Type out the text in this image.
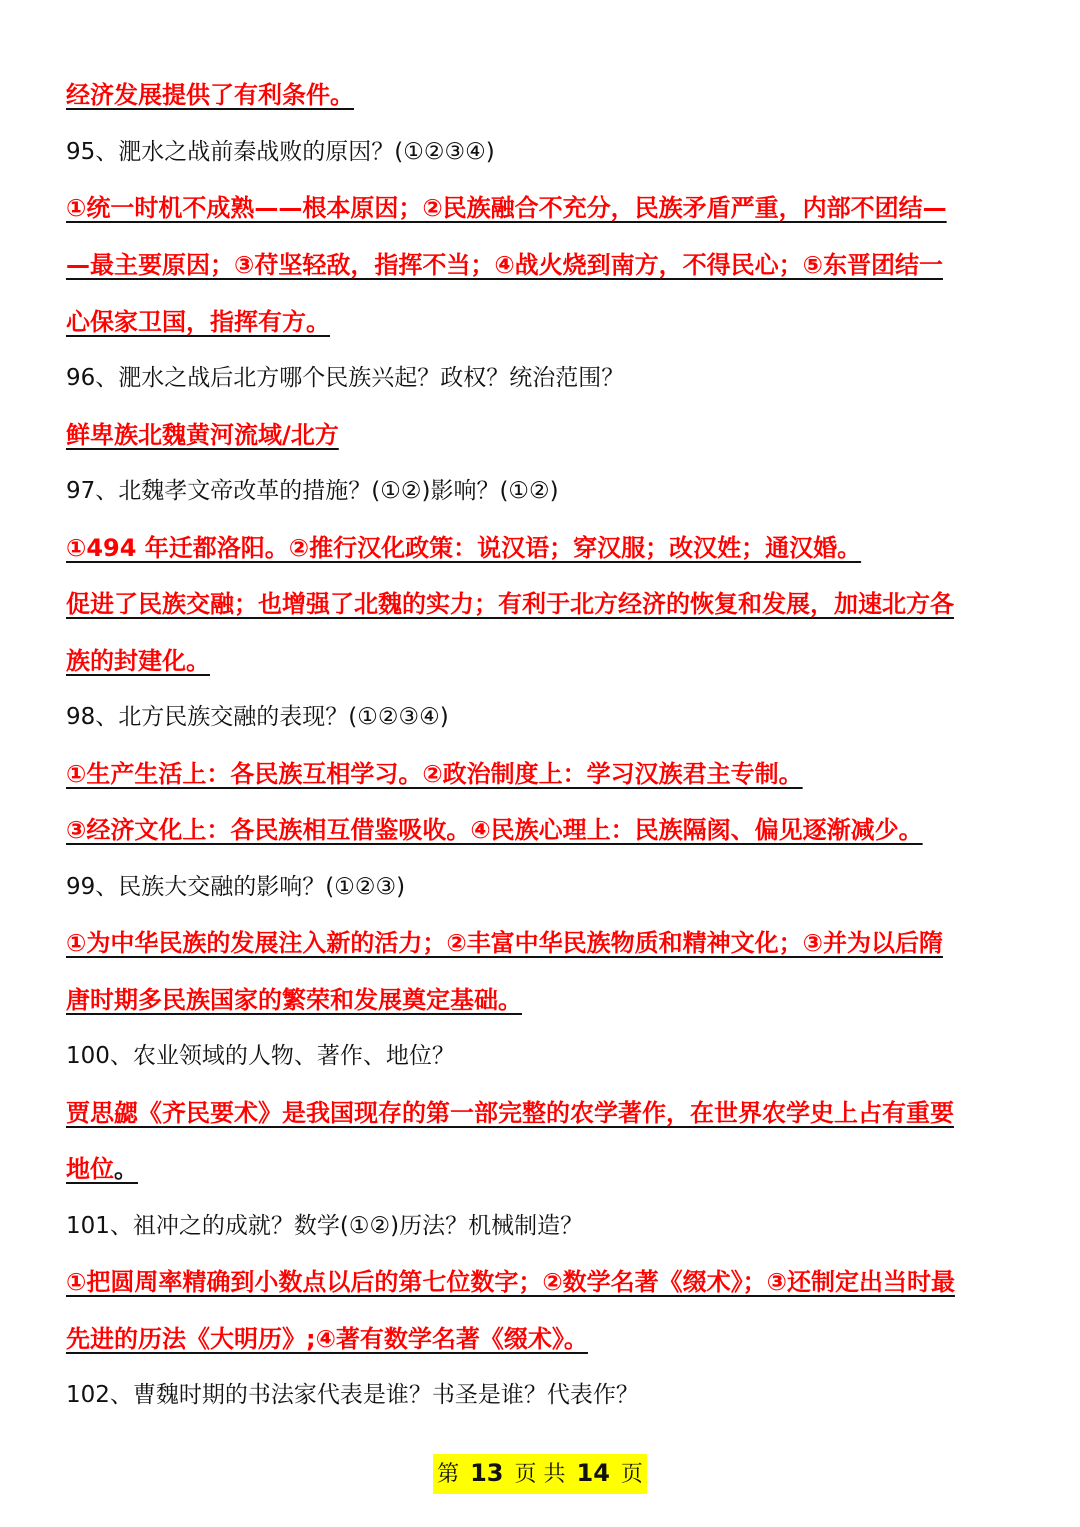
经济发展提供了有利条件。
95、淝水之战前秦战败的原因？(①②③④)
①统一时机不成熟——根本原因；②民族融合不充分，民族矛盾严重，内部不团结—
—最主要原因；③苻坚轻敌，指挥不当；④战火烧到南方，不得民心；⑤东晋团结一
心保家卫国，指挥有方。
96、淝水之战后北方哪个民族兴起？政权？统治范围？
鲜卑族北魏黄河流域/北方
97、北魏孝文帝改革的措施？(①②)影响？(①②)
①494 年迁都洛阳。②推行汉化政策：说汉语；穿汉服；改汉姓；通汉婚。
促进了民族交融；也增强了北魏的实力；有利于北方经济的恢复和发展，加速北方各
族的封建化。
98、北方民族交融的表现？(①②③④)
①生产生活上：各民族互相学习。②政治制度上：学习汉族君主专制。
③经济文化上：各民族相互借鉴吸收。④民族心理上：民族隔阂、偏见逐渐减少。
99、民族大交融的影响？(①②③)
①为中华民族的发展注入新的活力；②丰富中华民族物质和精神文化；③并为以后隋
唐时期多民族国家的繁荣和发展奠定基础。
100、农业领域的人物、著作、地位？
贾思勰《齐民要术》是我国现存的第一部完整的农学著作，在世界农学史上占有重要
地位。
101、祖冲之的成就？数学(①②)历法？机械制造？
①把圆周率精确到小数点以后的第七位数字；②数学名著《缀术》；③还制定出当时最
先进的历法《大明历》;④著有数学名著《缀术》。
102、曹魏时期的书法家代表是谁？书圣是谁？代表作？
第 13 页 共 14 页
